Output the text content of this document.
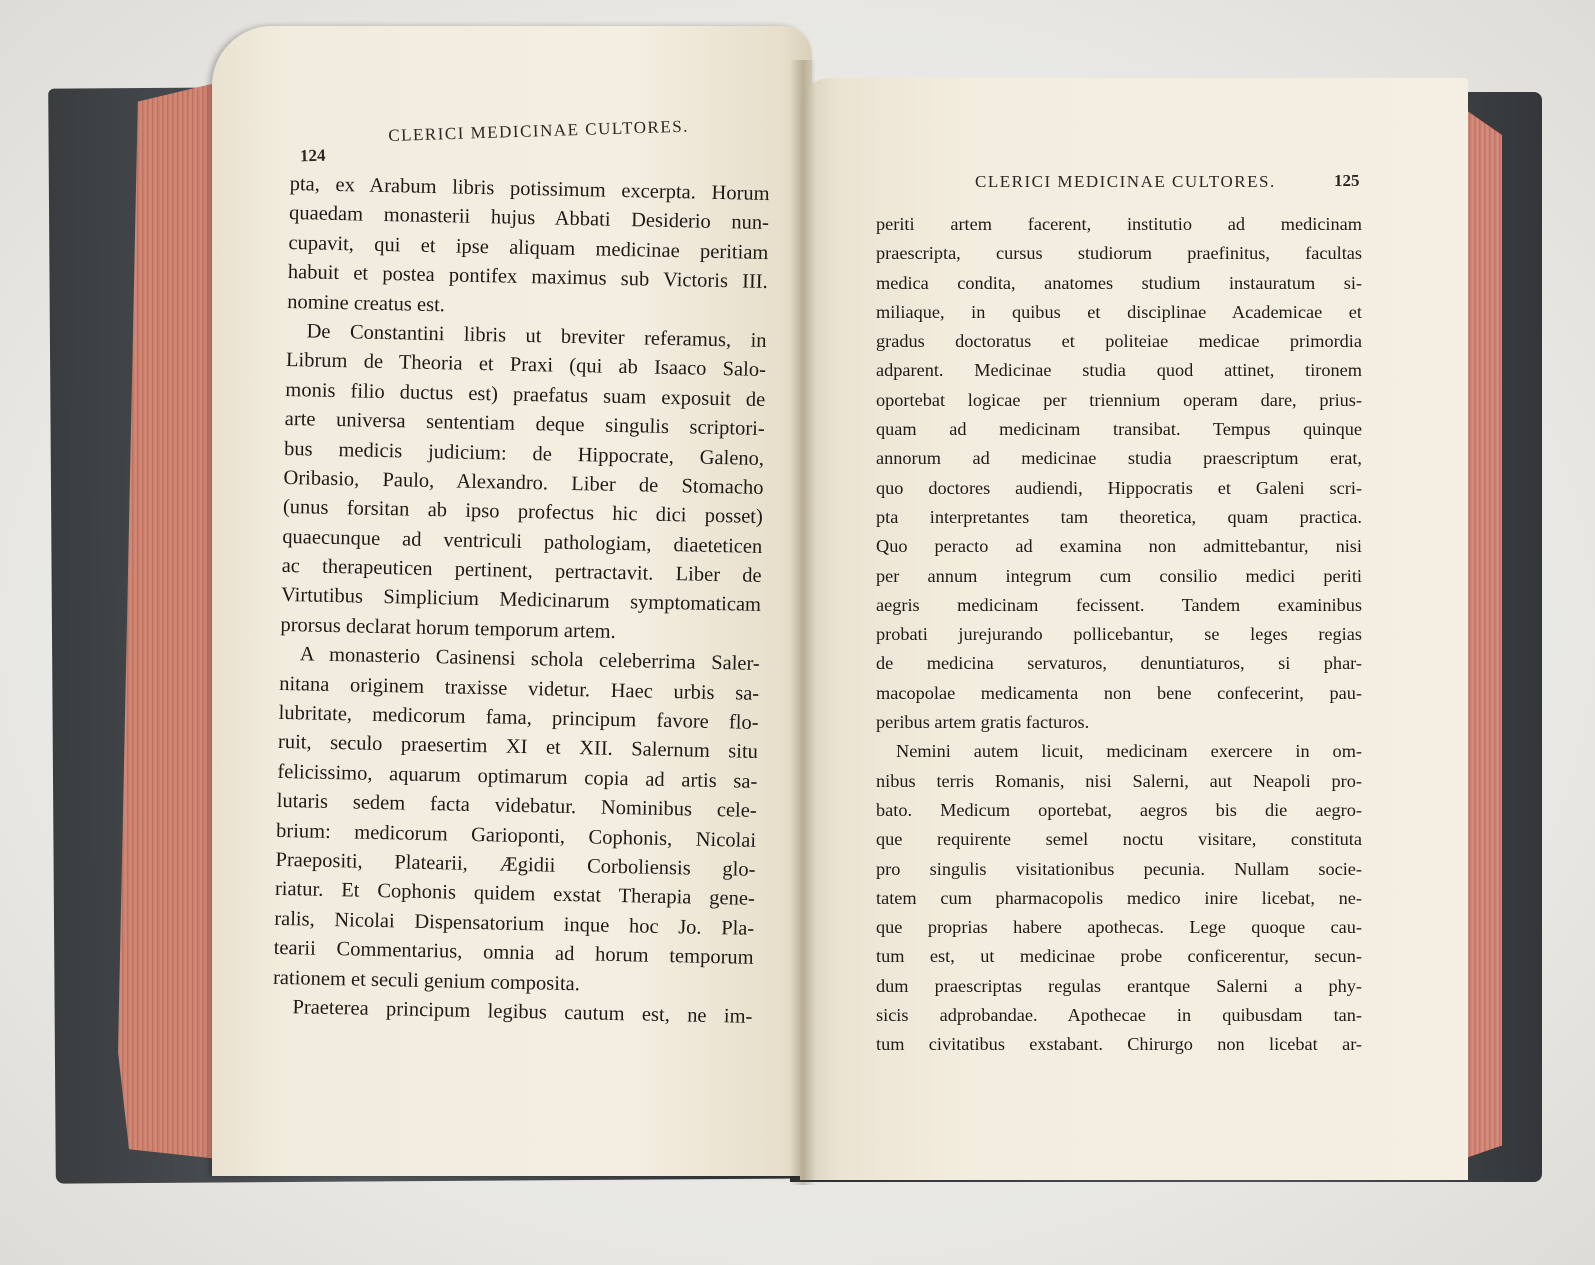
124
CLERICI MEDICINAE CULTORES.
CLERICI MEDICINAE CULTORES.	125
pta, ex Arabum libris potissimum excerpta. Horum
quaedam monasterii hujus Abbati Desiderio nun-
cupavit, qui et ipse aliquam medicinae peritiam
habuit et postea pontifex maximus sub Victoris III.
nomine creatus est.
De Constantini libris ut breviter referamus, in
Librum de Theoria et Praxi (qui ab Isaaco Salo-
monis filio ductus est) praefatus suam exposuit de
arte universa sententiam deque singulis scriptori-
bus medicis judicium: de Hippocrate, Galeno,
Oribasio, Paulo, Alexandro. Liber de Stomacho
(unus forsitan ab ipso profectus hic dici posset)
quaecunque ad ventriculi pathologiam, diaeteticen
ac therapeuticen pertinent, pertractavit. Liber de
Virtutibus Simplicium Medicinarum symptomaticam
prorsus declarat horum temporum artem.
A monasterio Casinensi schola celeberrima Saler-
nitana originem traxisse videtur. Haec urbis sa-
lubritate, medicorum fama, principum favore flo-
ruit, seculo praesertim XI et XII. Salernum situ
felicissimo, aquarum optimarum copia ad artis sa-
lutaris sedem facta videbatur. Nominibus cele-
brium: medicorum Garioponti, Cophonis, Nicolai
Praepositi, Platearii, Ægidii Corboliensis glo-
riatur. Et Cophonis quidem exstat Therapia gene-
ralis, Nicolai Dispensatorium inque hoc Jo. Pla-
tearii Commentarius, omnia ad horum temporum
rationem et seculi genium composita.
Praeterea principum legibus cautum est, ne im-
periti artem facerent, institutio ad medicinam
praescripta, cursus studiorum praefinitus, facultas
medica condita, anatomes studium instauratum si-
miliaque, in quibus et disciplinae Academicae et
gradus doctoratus et politeiae medicae primordia
adparent. Medicinae studia quod attinet, tironem
oportebat logicae per triennium operam dare, prius-
quam ad medicinam transibat. Tempus quinque
annorum ad medicinae studia praescriptum erat,
quo doctores audiendi, Hippocratis et Galeni scri-
pta interpretantes tam theoretica, quam practica.
Quo peracto ad examina non admittebantur, nisi
per annum integrum cum consilio medici periti
aegris medicinam fecissent. Tandem examinibus
probati jurejurando pollicebantur, se leges regias
de medicina servaturos, denuntiaturos, si phar-
macopolae medicamenta non bene confecerint, pau-
peribus artem gratis facturos.
Nemini autem licuit, medicinam exercere in om-
nibus terris Romanis, nisi Salerni, aut Neapoli pro-
bato. Medicum oportebat, aegros bis die aegro-
que requirente semel noctu visitare, constituta
pro singulis visitationibus pecunia. Nullam socie-
tatem cum pharmacopolis medico inire licebat, ne-
que proprias habere apothecas. Lege quoque cau-
tum est, ut medicinae probe conficerentur, secun-
dum praescriptas regulas erantque Salerni a phy-
sicis adprobandae. Apothecae in quibusdam tan-
tum civitatibus exstabant. Chirurgo non licebat ar-
